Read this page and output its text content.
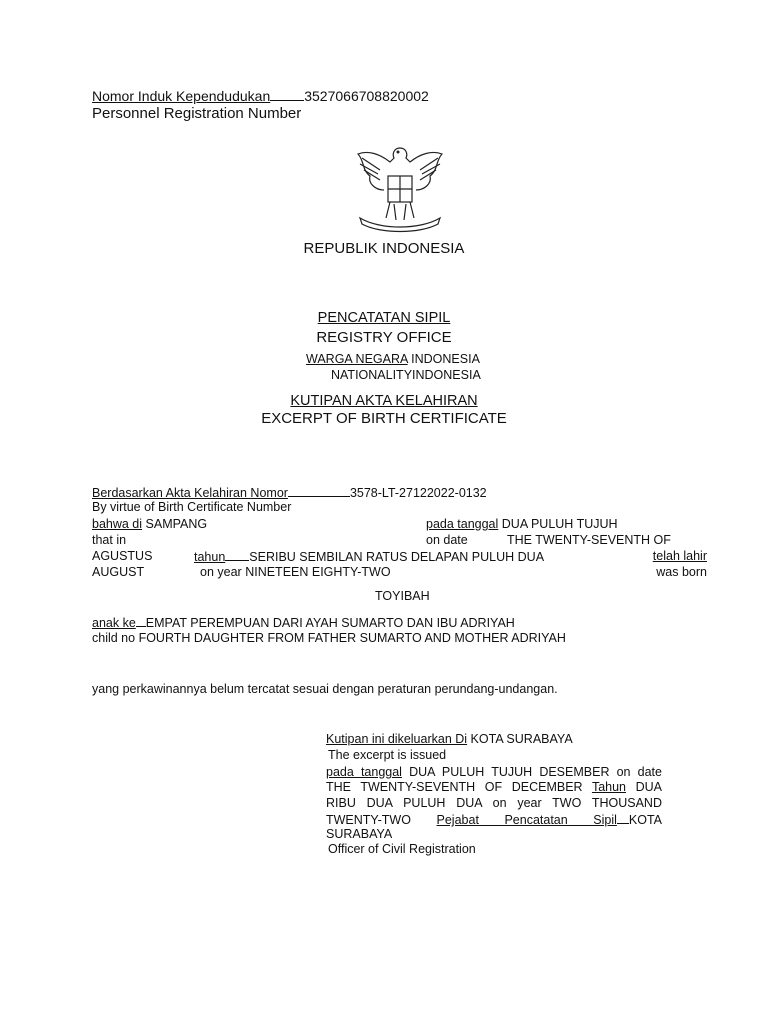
Nomor Induk Kependudukan 3527066708820002
Personnel Registration Number
REPUBLIK INDONESIA
PENCATATAN SIPIL
REGISTRY OFFICE
WARGA NEGARA INDONESIA
NATIONALITYINDONESIA
KUTIPAN AKTA KELAHIRAN
EXCERPT OF BIRTH CERTIFICATE
Berdasarkan Akta Kelahiran Nomor	3578-LT-27122022-0132
By virtue of Birth Certificate Number
bahwa di SAMPANG	pada tanggal DUA PULUH TUJUH
that in	on date	THE TWENTY-SEVENTH OF
AGUSTUS	tahun SERIBU SEMBILAN RATUS DELAPAN PULUH DUA	telah lahir
AUGUST	on year NINETEEN EIGHTY-TWO	was born
TOYIBAH
anak ke EMPAT PEREMPUAN DARI AYAH SUMARTO DAN IBU ADRIYAH
child no FOURTH DAUGHTER FROM FATHER SUMARTO AND MOTHER ADRIYAH
yang perkawinannya belum tercatat sesuai dengan peraturan perundang-undangan.
Kutipan ini dikeluarkan Di KOTA SURABAYA
The excerpt is issued
pada tanggal DUA PULUH TUJUH DESEMBER on date
THE TWENTY-SEVENTH OF DECEMBER Tahun DUA
RIBU DUA PULUH DUA on year TWO THOUSAND
TWENTY-TWO Pejabat Pencatatan Sipil KOTA
SURABAYA
Officer of Civil Registration
